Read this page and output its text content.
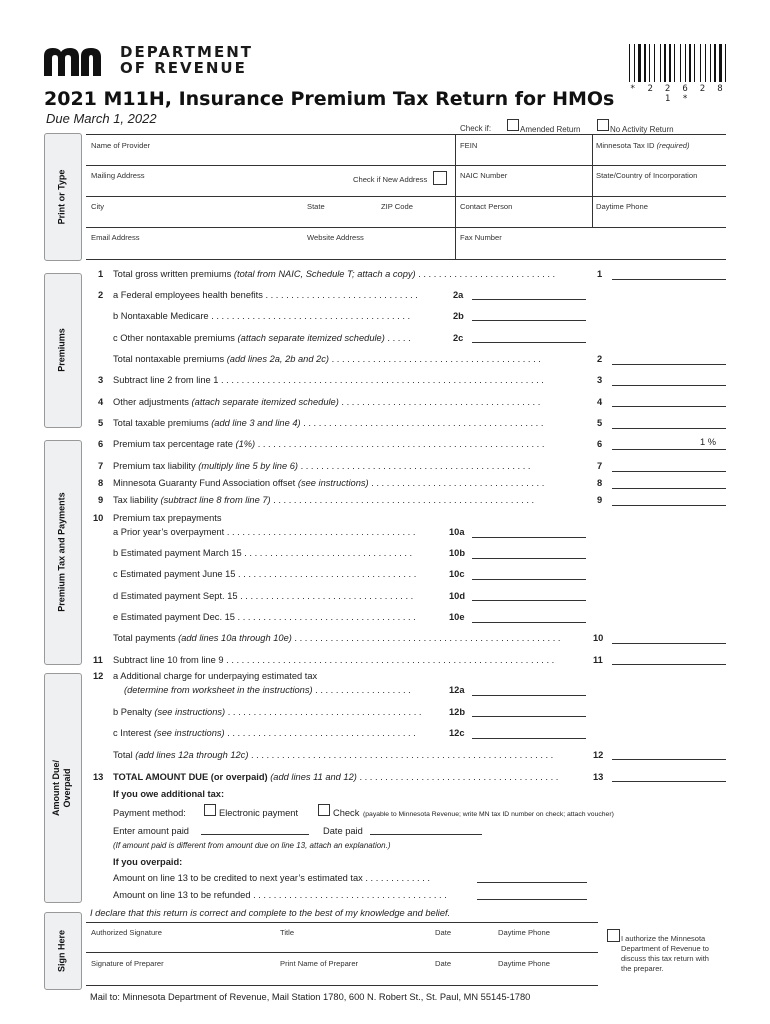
DEPARTMENT
OF REVENUE
* 2 2 6 2 8 1 *
2021 M11H, Insurance Premium Tax Return for HMOs
Due March 1, 2022
Check if:	Amended Return	No Activity Return
Print or Type
Name of Provider	FEIN	Minnesota Tax ID (required)
Mailing Address	Check if New Address	NAIC Number	State/Country of Incorporation
City	State	ZIP Code	Contact Person	Daytime Phone
Email Address	Website Address	Fax Number
Premiums
1 Total gross written premiums (total from NAIC, Schedule T; attach a copy) . . . . . . . . . . . . . . . . . . . . . . . . . . .	1
2 a Federal employees health benefits . . . . . . . . . . . . . . . . . . . . . . . . . . . . . .	2a
b Nontaxable Medicare . . . . . . . . . . . . . . . . . . . . . . . . . . . . . . . . . . . . . . .	2b
c Other nontaxable premiums (attach separate itemized schedule) . . . . .	2c
Total nontaxable premiums (add lines 2a, 2b and 2c) . . . . . . . . . . . . . . . . . . . . . . . . . . . . . . . . . . . . . . . . .	2
3 Subtract line 2 from line 1 . . . . . . . . . . . . . . . . . . . . . . . . . . . . . . . . . . . . . . . . . . . . . . . . . . . . . . . . . . . . . . .	3
4 Other adjustments (attach separate itemized schedule) . . . . . . . . . . . . . . . . . . . . . . . . . . . . . . . . . . . . . . .	4
5 Total taxable premiums (add line 3 and line 4) . . . . . . . . . . . . . . . . . . . . . . . . . . . . . . . . . . . . . . . . . . . . . . .	5
Premium Tax and Payments
6 Premium tax percentage rate (1%) . . . . . . . . . . . . . . . . . . . . . . . . . . . . . . . . . . . . . . . . . . . . . . . . . . . . . . . .	6	1 %
7 Premium tax liability (multiply line 5 by line 6) . . . . . . . . . . . . . . . . . . . . . . . . . . . . . . . . . . . . . . . . . . . . .	7
8 Minnesota Guaranty Fund Association offset (see instructions) . . . . . . . . . . . . . . . . . . . . . . . . . . . . . . . . . .	8
9 Tax liability (subtract line 8 from line 7) . . . . . . . . . . . . . . . . . . . . . . . . . . . . . . . . . . . . . . . . . . . . . . . . . . .	9
10 Premium tax prepayments
a Prior year’s overpayment . . . . . . . . . . . . . . . . . . . . . . . . . . . . . . . . . . . . .	10a
b Estimated payment March 15 . . . . . . . . . . . . . . . . . . . . . . . . . . . . . . . . .	10b
c Estimated payment June 15 . . . . . . . . . . . . . . . . . . . . . . . . . . . . . . . . . . .	10c
d Estimated payment Sept. 15 . . . . . . . . . . . . . . . . . . . . . . . . . . . . . . . . . .	10d
e Estimated payment Dec. 15 . . . . . . . . . . . . . . . . . . . . . . . . . . . . . . . . . . .	10e
Total payments (add lines 10a through 10e) . . . . . . . . . . . . . . . . . . . . . . . . . . . . . . . . . . . . . . . . . . . . . . . . . . . .	10
11 Subtract line 10 from line 9 . . . . . . . . . . . . . . . . . . . . . . . . . . . . . . . . . . . . . . . . . . . . . . . . . . . . . . . . . . . . . . . .	11
Amount Due/ Overpaid
12 a Additional charge for underpaying estimated tax
(determine from worksheet in the instructions) . . . . . . . . . . . . . . . . . . .	12a
b Penalty (see instructions) . . . . . . . . . . . . . . . . . . . . . . . . . . . . . . . . . . . . . .	12b
c Interest (see instructions) . . . . . . . . . . . . . . . . . . . . . . . . . . . . . . . . . . . . .	12c
Total (add lines 12a through 12c) . . . . . . . . . . . . . . . . . . . . . . . . . . . . . . . . . . . . . . . . . . . . . . . . . . . . . . . . . . .	12
13 TOTAL AMOUNT DUE (or overpaid) (add lines 11 and 12) . . . . . . . . . . . . . . . . . . . . . . . . . . . . . . . . . . . . . . .	13
If you owe additional tax:
Payment method:	Electronic payment	Check (payable to Minnesota Revenue; write MN tax ID number on check; attach voucher)
Enter amount paid	Date paid
(If amount paid is different from amount due on line 13, attach an explanation.)
If you overpaid:
Amount on line 13 to be credited to next year’s estimated tax . . . . . . . . . . . . .
Amount on line 13 to be refunded . . . . . . . . . . . . . . . . . . . . . . . . . . . . . . . . . . . . . .
I declare that this return is correct and complete to the best of my knowledge and belief.
Sign Here	Authorized Signature	Title	Date	Daytime Phone
Signature of Preparer	Print Name of Preparer	Date	Daytime Phone
I authorize the Minnesota
Department of Revenue to
discuss this tax return with
the preparer.
Mail to: Minnesota Department of Revenue, Mail Station 1780, 600 N. Robert St., St. Paul, MN 55145-1780
